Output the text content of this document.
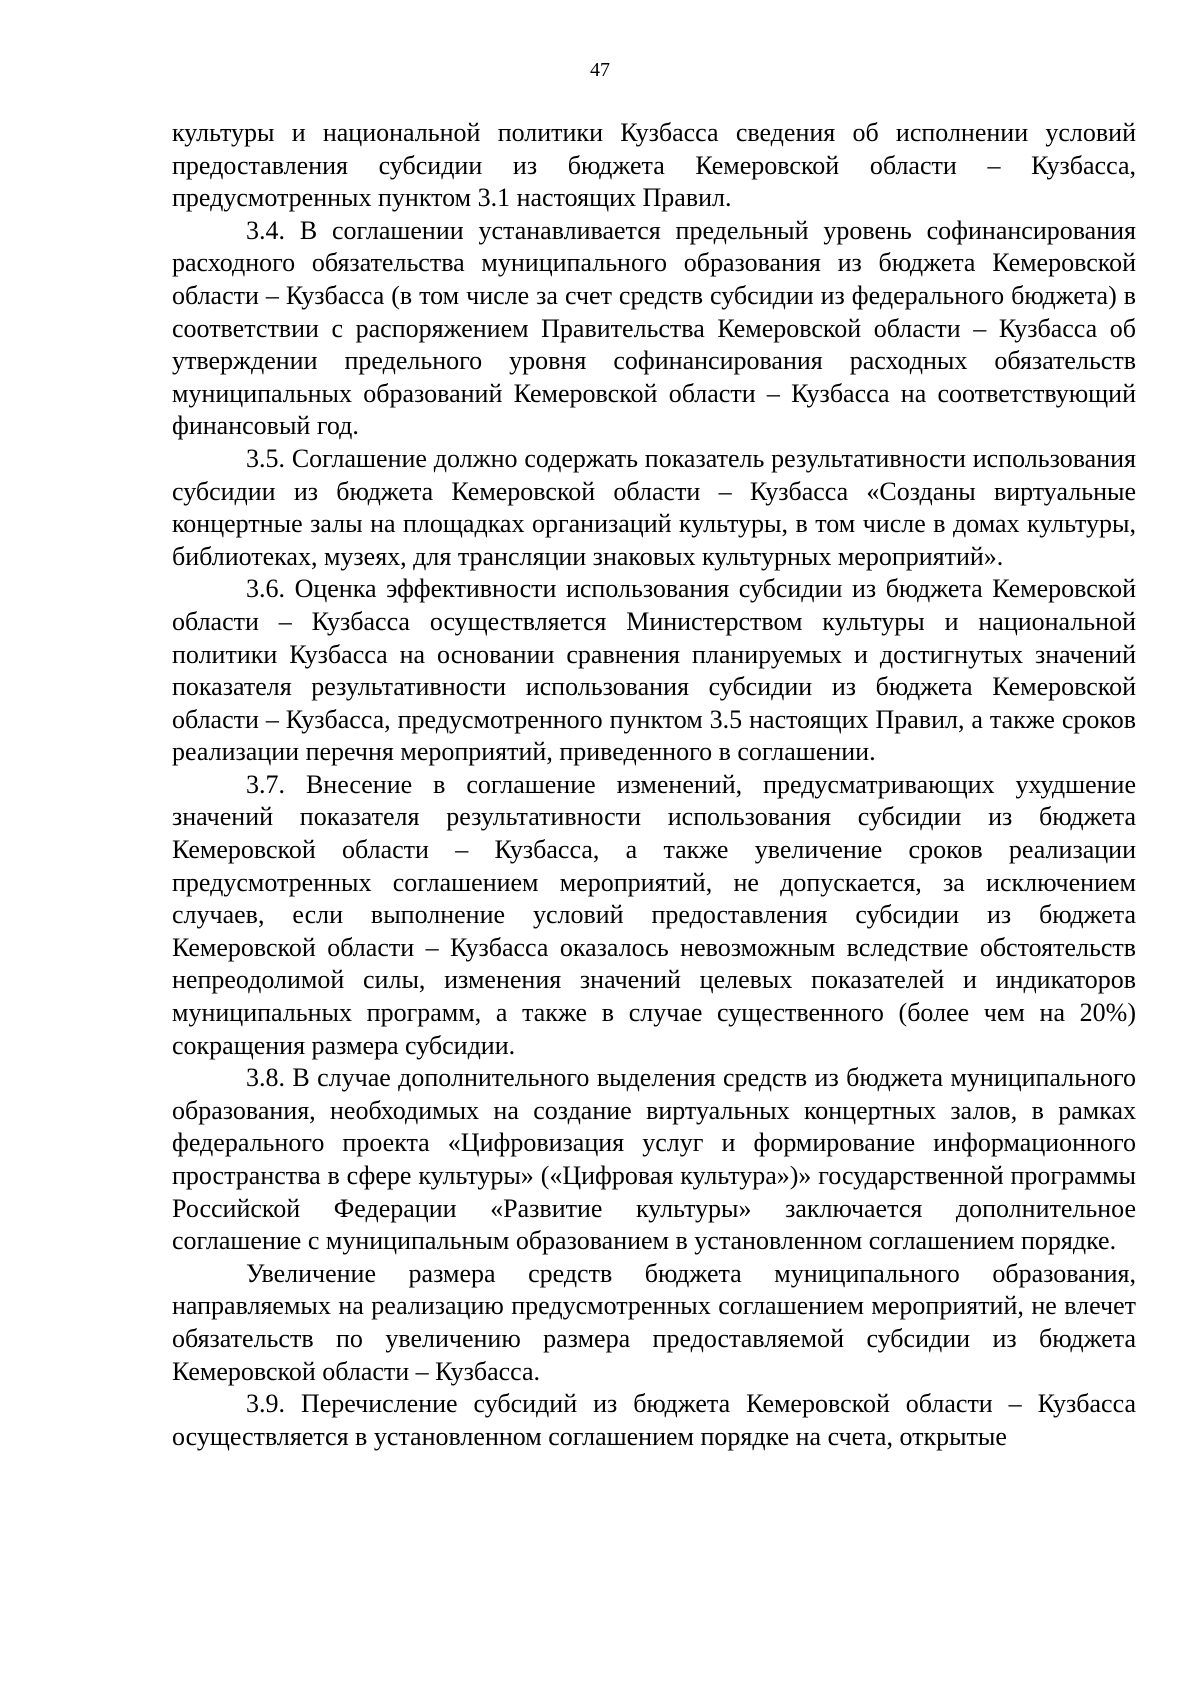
47

культуры и национальной политики Кузбасса сведения об исполнении условий предоставления субсидии из бюджета Кемеровской области – Кузбасса, предусмотренных пунктом 3.1 настоящих Правил.

3.4. В соглашении устанавливается предельный уровень софинансирования расходного обязательства муниципального образования из бюджета Кемеровской области – Кузбасса (в том числе за счет средств субсидии из федерального бюджета) в соответствии с распоряжением Правительства Кемеровской области – Кузбасса об утверждении предельного уровня софинансирования расходных обязательств муниципальных образований Кемеровской области – Кузбасса на соответствующий финансовый год.

3.5. Соглашение должно содержать показатель результативности использования субсидии из бюджета Кемеровской области – Кузбасса «Созданы виртуальные концертные залы на площадках организаций культуры, в том числе в домах культуры, библиотеках, музеях, для трансляции знаковых культурных мероприятий».

3.6. Оценка эффективности использования субсидии из бюджета Кемеровской области – Кузбасса осуществляется Министерством культуры и национальной политики Кузбасса на основании сравнения планируемых и достигнутых значений показателя результативности использования субсидии из бюджета Кемеровской области – Кузбасса, предусмотренного пунктом 3.5 настоящих Правил, а также сроков реализации перечня мероприятий, приведенного в соглашении.

3.7. Внесение в соглашение изменений, предусматривающих ухудшение значений показателя результативности использования субсидии из бюджета Кемеровской области – Кузбасса, а также увеличение сроков реализации предусмотренных соглашением мероприятий, не допускается, за исключением случаев, если выполнение условий предоставления субсидии из бюджета Кемеровской области – Кузбасса оказалось невозможным вследствие обстоятельств непреодолимой силы, изменения значений целевых показателей и индикаторов муниципальных программ, а также в случае существенного (более чем на 20%) сокращения размера субсидии.

3.8. В случае дополнительного выделения средств из бюджета муниципального образования, необходимых на создание виртуальных концертных залов, в рамках федерального проекта «Цифровизация услуг и формирование информационного пространства в сфере культуры» («Цифровая культура»)» государственной программы Российской Федерации «Развитие культуры» заключается дополнительное соглашение с муниципальным образованием в установленном соглашением порядке.

Увеличение размера средств бюджета муниципального образования, направляемых на реализацию предусмотренных соглашением мероприятий, не влечет обязательств по увеличению размера предоставляемой субсидии из бюджета Кемеровской области – Кузбасса.

3.9. Перечисление субсидий из бюджета Кемеровской области – Кузбасса осуществляется в установленном соглашением порядке на счета, открытые
